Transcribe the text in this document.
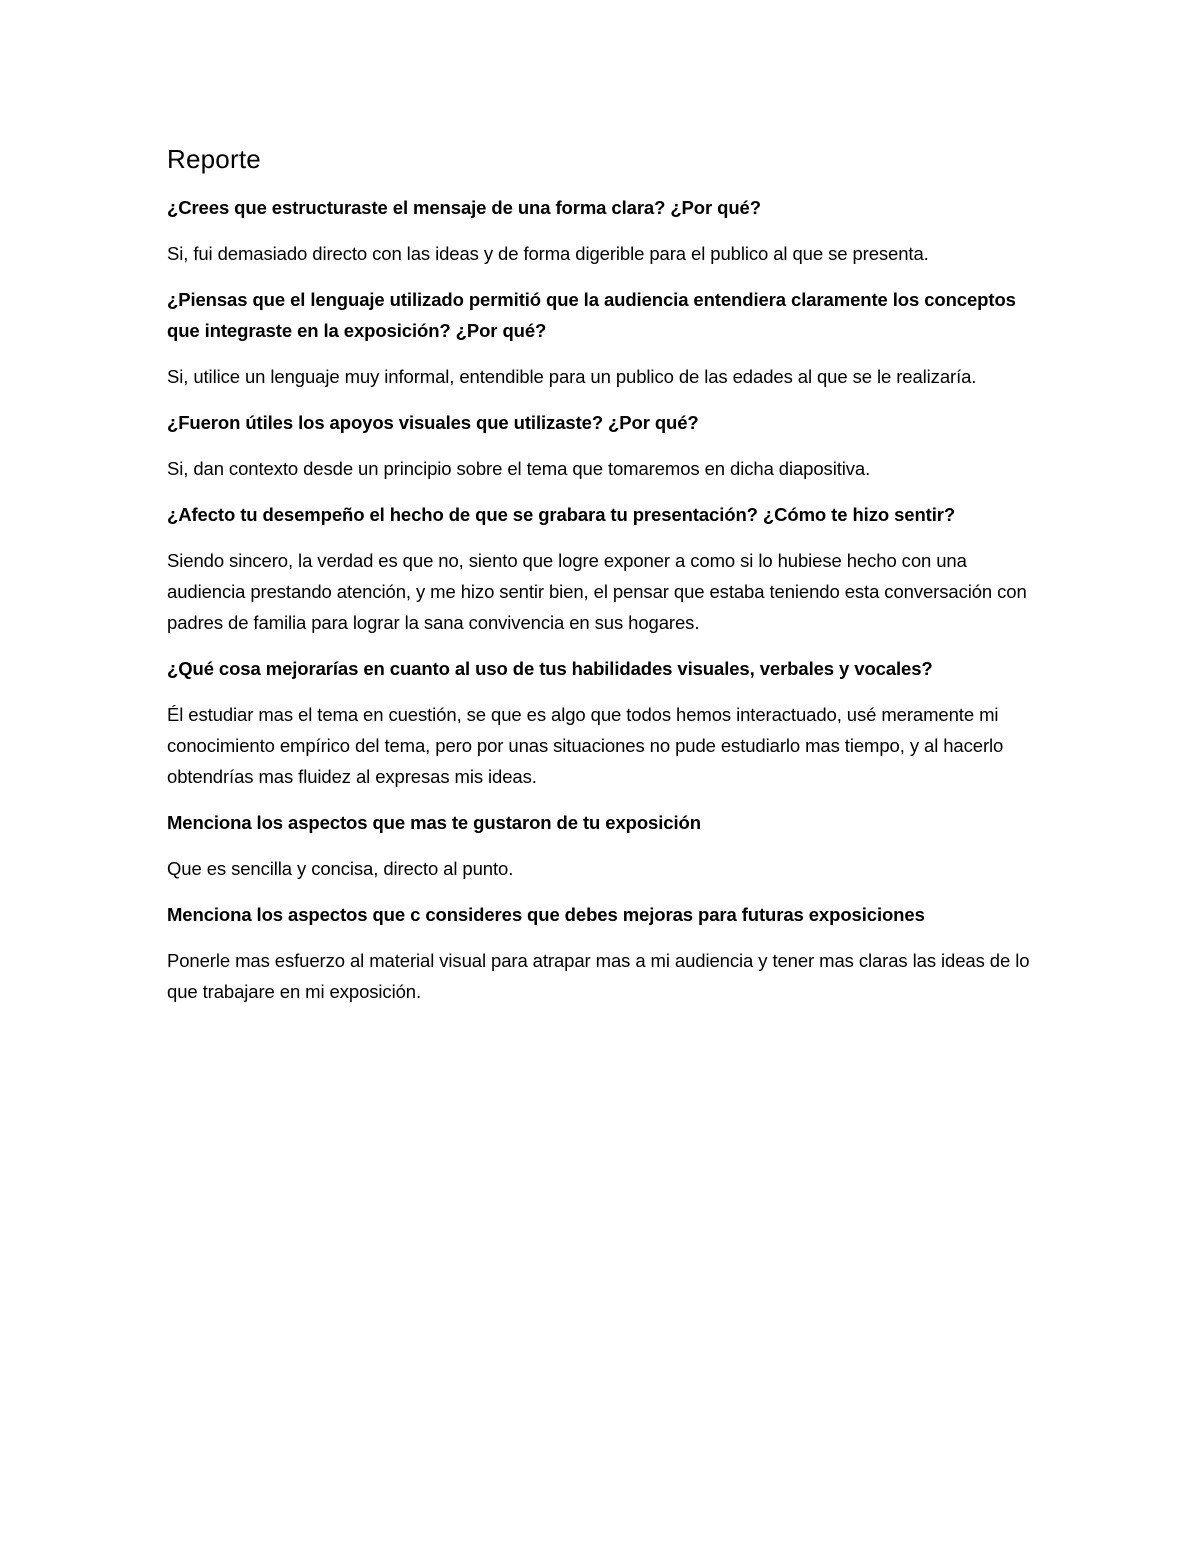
Reporte

¿Crees que estructuraste el mensaje de una forma clara? ¿Por qué?

Si, fui demasiado directo con las ideas y de forma digerible para el publico al que se presenta.

¿Piensas que el lenguaje utilizado permitió que la audiencia entendiera claramente los conceptos que integraste en la exposición? ¿Por qué?

Si, utilice un lenguaje muy informal, entendible para un publico de las edades al que se le realizaría.

¿Fueron útiles los apoyos visuales que utilizaste? ¿Por qué?

Si, dan contexto desde un principio sobre el tema que tomaremos en dicha diapositiva.

¿Afecto tu desempeño el hecho de que se grabara tu presentación? ¿Cómo te hizo sentir?

Siendo sincero, la verdad es que no, siento que logre exponer a como si lo hubiese hecho con una audiencia prestando atención, y me hizo sentir bien, el pensar que estaba teniendo esta conversación con padres de familia para lograr la sana convivencia en sus hogares.

¿Qué cosa mejorarías en cuanto al uso de tus habilidades visuales, verbales y vocales?

Él estudiar mas el tema en cuestión, se que es algo que todos hemos interactuado, usé meramente mi conocimiento empírico del tema, pero por unas situaciones no pude estudiarlo mas tiempo, y al hacerlo obtendrías mas fluidez al expresas mis ideas.

Menciona los aspectos que mas te gustaron de tu exposición

Que es sencilla y concisa, directo al punto.

Menciona los aspectos que c consideres que debes mejoras para futuras exposiciones

Ponerle mas esfuerzo al material visual para atrapar mas a mi audiencia y tener mas claras las ideas de lo que trabajare en mi exposición.
